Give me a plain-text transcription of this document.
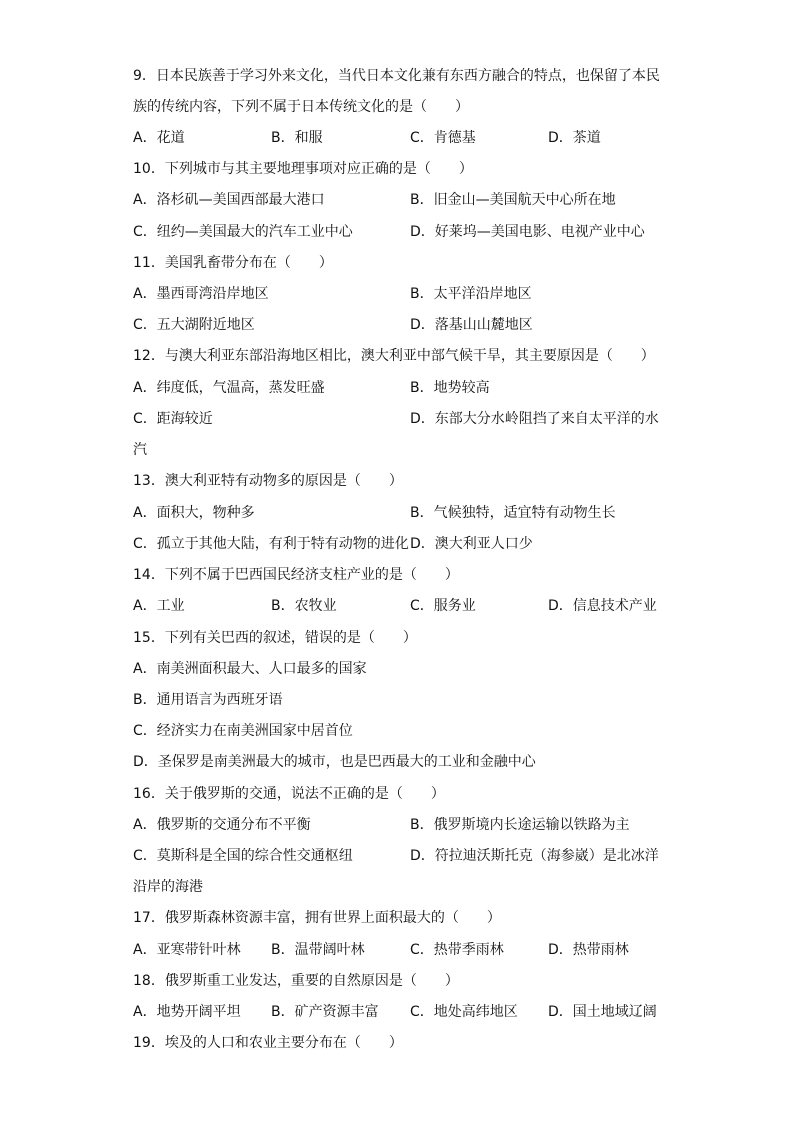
9．日本民族善于学习外来文化，当代日本文化兼有东西方融合的特点，也保留了本民
族的传统内容，下列不属于日本传统文化的是（　　）
A．花道	B．和服	C．肯德基	D．茶道
10．下列城市与其主要地理事项对应正确的是（　　）
A．洛杉矶—美国西部最大港口	B．旧金山—美国航天中心所在地
C．纽约—美国最大的汽车工业中心	D．好莱坞—美国电影、电视产业中心
11．美国乳畜带分布在（　　）
A．墨西哥湾沿岸地区	B．太平洋沿岸地区
C．五大湖附近地区	D．落基山山麓地区
12．与澳大利亚东部沿海地区相比，澳大利亚中部气候干旱，其主要原因是（　　）
A．纬度低，气温高，蒸发旺盛	B．地势较高
C．距海较近	D．东部大分水岭阻挡了来自太平洋的水
汽
13．澳大利亚特有动物多的原因是（　　）
A．面积大，物种多	B．气候独特，适宜特有动物生长
C．孤立于其他大陆，有利于特有动物的进化 D．澳大利亚人口少
14．下列不属于巴西国民经济支柱产业的是（　　）
A．工业	B．农牧业	C．服务业	D．信息技术产业
15．下列有关巴西的叙述，错误的是（　　）
A．南美洲面积最大、人口最多的国家
B．通用语言为西班牙语
C．经济实力在南美洲国家中居首位
D．圣保罗是南美洲最大的城市，也是巴西最大的工业和金融中心
16．关于俄罗斯的交通，说法不正确的是（　　）
A．俄罗斯的交通分布不平衡	B．俄罗斯境内长途运输以铁路为主
C．莫斯科是全国的综合性交通枢纽	D．符拉迪沃斯托克（海参崴）是北冰洋
沿岸的海港
17．俄罗斯森林资源丰富，拥有世界上面积最大的（　　）
A．亚寒带针叶林 B．温带阔叶林	C．热带季雨林	D．热带雨林
18．俄罗斯重工业发达，重要的自然原因是（　　）
A．地势开阔平坦 B．矿产资源丰富 C．地处高纬地区 D．国土地域辽阔
19．埃及的人口和农业主要分布在（　　）
